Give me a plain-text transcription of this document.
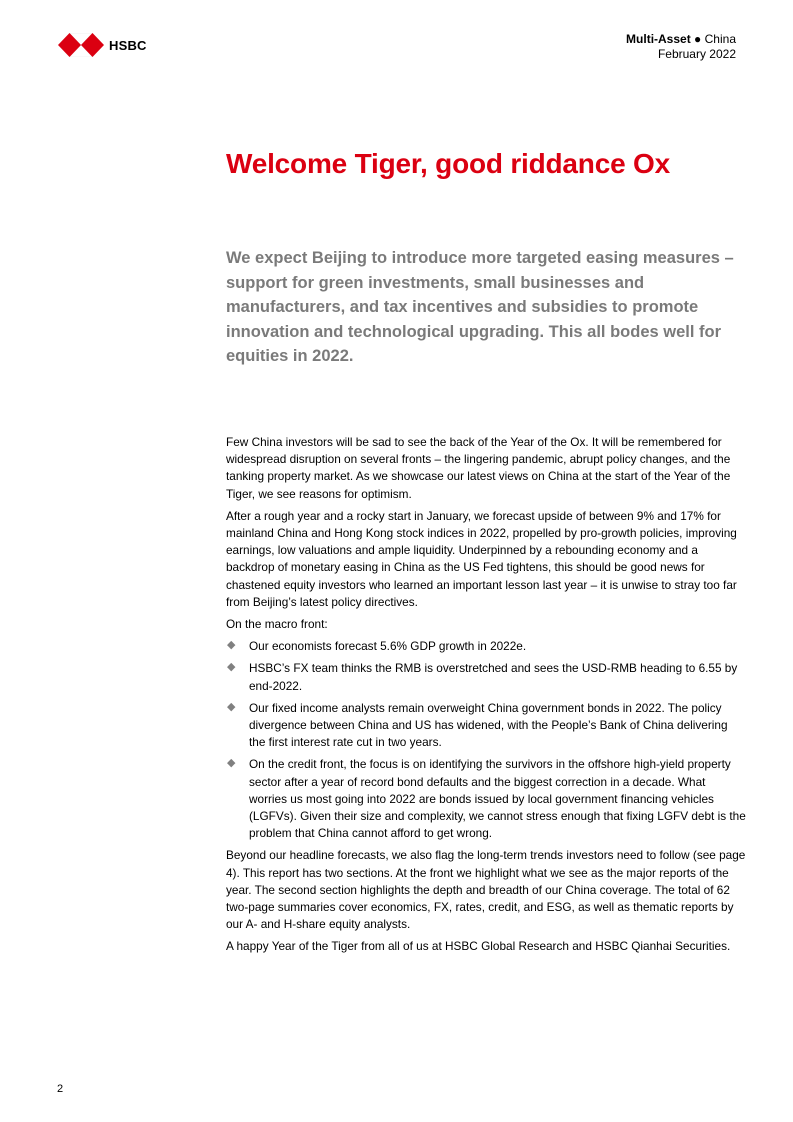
HSBC	Multi-Asset ● China
February 2022
Welcome Tiger, good riddance Ox

We expect Beijing to introduce more targeted easing measures – support for green investments, small businesses and manufacturers, and tax incentives and subsidies to promote innovation and technological upgrading. This all bodes well for equities in 2022.

Few China investors will be sad to see the back of the Year of the Ox. It will be remembered for widespread disruption on several fronts – the lingering pandemic, abrupt policy changes, and the tanking property market. As we showcase our latest views on China at the start of the Year of the Tiger, we see reasons for optimism.

After a rough year and a rocky start in January, we forecast upside of between 9% and 17% for mainland China and Hong Kong stock indices in 2022, propelled by pro-growth policies, improving earnings, low valuations and ample liquidity. Underpinned by a rebounding economy and a backdrop of monetary easing in China as the US Fed tightens, this should be good news for chastened equity investors who learned an important lesson last year – it is unwise to stray too far from Beijing’s latest policy directives.

On the macro front:

◆ Our economists forecast 5.6% GDP growth in 2022e.
◆ HSBC’s FX team thinks the RMB is overstretched and sees the USD-RMB heading to 6.55 by end-2022.
◆ Our fixed income analysts remain overweight China government bonds in 2022. The policy divergence between China and US has widened, with the People’s Bank of China delivering the first interest rate cut in two years.
◆ On the credit front, the focus is on identifying the survivors in the offshore high-yield property sector after a year of record bond defaults and the biggest correction in a decade. What worries us most going into 2022 are bonds issued by local government financing vehicles (LGFVs). Given their size and complexity, we cannot stress enough that fixing LGFV debt is the problem that China cannot afford to get wrong.

Beyond our headline forecasts, we also flag the long-term trends investors need to follow (see page 4). This report has two sections. At the front we highlight what we see as the major reports of the year. The second section highlights the depth and breadth of our China coverage. The total of 62 two-page summaries cover economics, FX, rates, credit, and ESG, as well as thematic reports by our A- and H-share equity analysts.

A happy Year of the Tiger from all of us at HSBC Global Research and HSBC Qianhai Securities.

2
